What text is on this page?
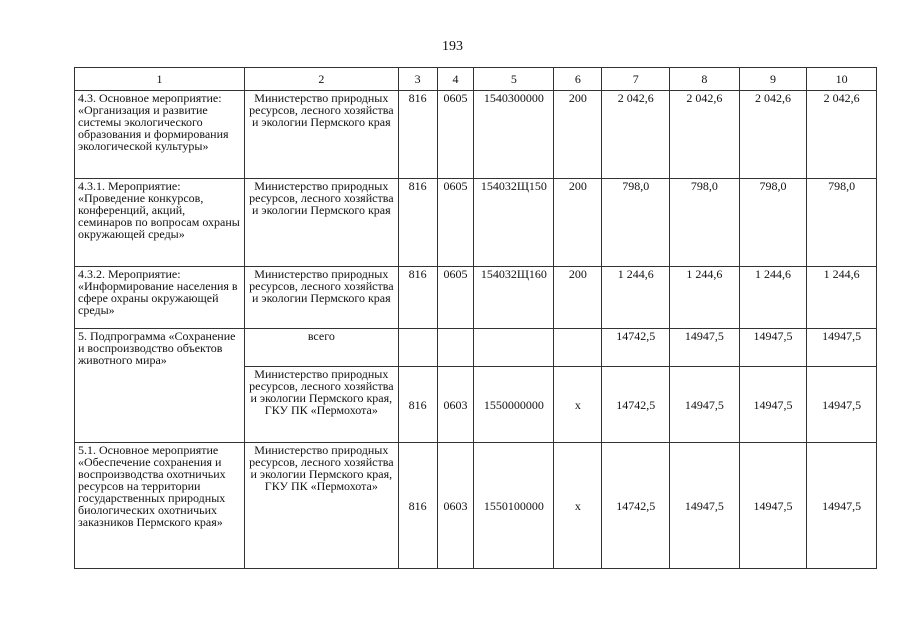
193
1	2	3	4	5	6	7	8	9	10
4.3. Основное мероприятие: «Организация и развитие системы экологического образования и формирования экологической культуры»	Министерство природных ресурсов, лесного хозяйства и экологии Пермского края	816	0605	1540300000	200	2 042,6	2 042,6	2 042,6	2 042,6
4.3.1. Мероприятие: «Проведение конкурсов, конференций, акций, семинаров по вопросам охраны окружающей среды»	Министерство природных ресурсов, лесного хозяйства и экологии Пермского края	816	0605	154032Щ150	200	798,0	798,0	798,0	798,0
4.3.2. Мероприятие: «Информирование населения в сфере охраны окружающей среды»	Министерство природных ресурсов, лесного хозяйства и экологии Пермского края	816	0605	154032Щ160	200	1 244,6	1 244,6	1 244,6	1 244,6
5. Подпрограмма «Сохранение и воспроизводство объектов животного мира»	всего					14742,5	14947,5	14947,5	14947,5
	Министерство природных ресурсов, лесного хозяйства и экологии Пермского края, ГКУ ПК «Пермохота»	816	0603	1550000000	х	14742,5	14947,5	14947,5	14947,5
5.1. Основное мероприятие «Обеспечение сохранения и воспроизводства охотничьих ресурсов на территории государственных природных биологических охотничьих заказников Пермского края»	Министерство природных ресурсов, лесного хозяйства и экологии Пермского края, ГКУ ПК «Пермохота»	816	0603	1550100000	х	14742,5	14947,5	14947,5	14947,5
